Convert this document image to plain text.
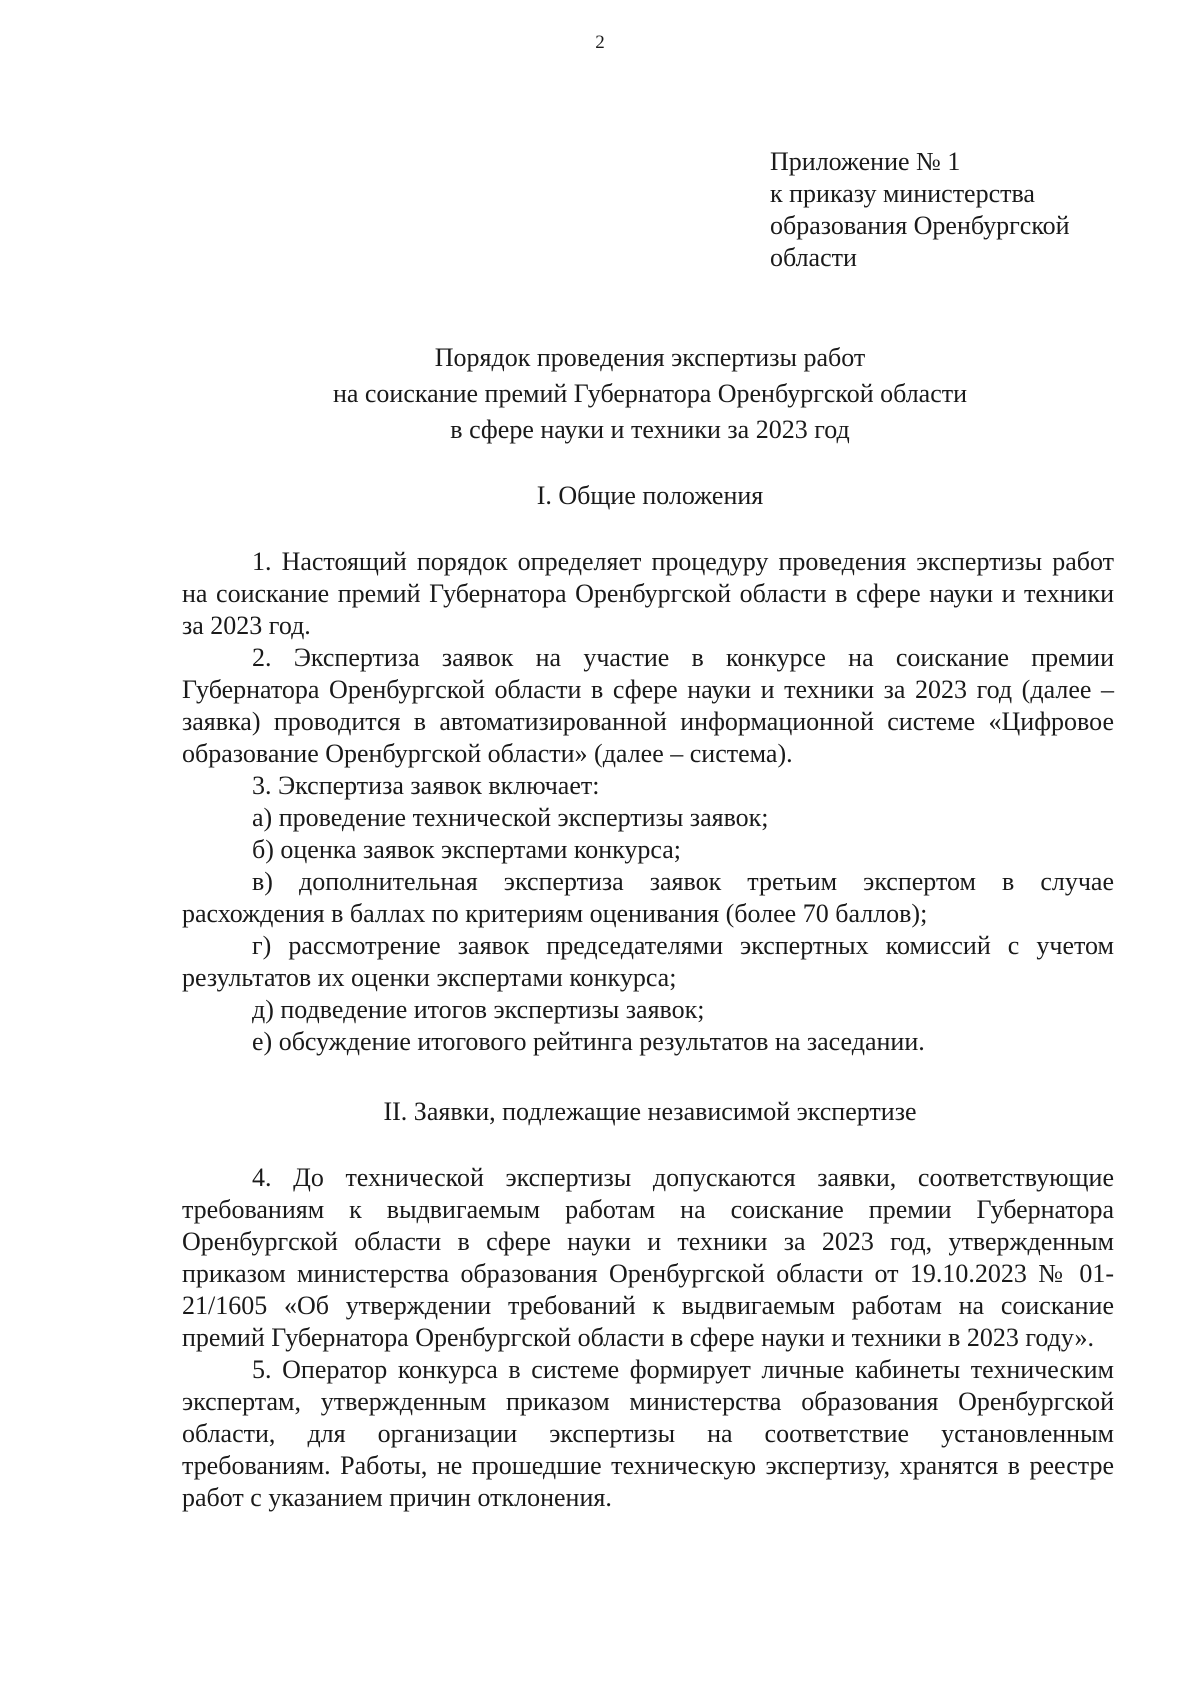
2
Приложение № 1
к приказу министерства
образования Оренбургской
области
Порядок проведения экспертизы работ
на соискание премий Губернатора Оренбургской области
в сфере науки и техники за 2023 год
I. Общие положения

1. Настоящий порядок определяет процедуру проведения экспертизы работ на соискание премий Губернатора Оренбургской области в сфере науки и техники за 2023 год.

2. Экспертиза заявок на участие в конкурсе на соискание премии Губернатора Оренбургской области в сфере науки и техники за 2023 год (далее – заявка) проводится в автоматизированной информационной системе «Цифровое образование Оренбургской области» (далее – система).

3. Экспертиза заявок включает:

а) проведение технической экспертизы заявок;

б) оценка заявок экспертами конкурса;

в) дополнительная экспертиза заявок третьим экспертом в случае расхождения в баллах по критериям оценивания (более 70 баллов);

г) рассмотрение заявок председателями экспертных комиссий с учетом результатов их оценки экспертами конкурса;

д) подведение итогов экспертизы заявок;

е) обсуждение итогового рейтинга результатов на заседании.

II. Заявки, подлежащие независимой экспертизе

4. До технической экспертизы допускаются заявки, соответствующие требованиям к выдвигаемым работам на соискание премии Губернатора Оренбургской области в сфере науки и техники за 2023 год, утвержденным приказом министерства образования Оренбургской области от 19.10.2023 № 01-21/1605 «Об утверждении требований к выдвигаемым работам на соискание премий Губернатора Оренбургской области в сфере науки и техники в 2023 году».

5. Оператор конкурса в системе формирует личные кабинеты техническим экспертам, утвержденным приказом министерства образования Оренбургской области, для организации экспертизы на соответствие установленным требованиям. Работы, не прошедшие техническую экспертизу, хранятся в реестре работ с указанием причин отклонения.
